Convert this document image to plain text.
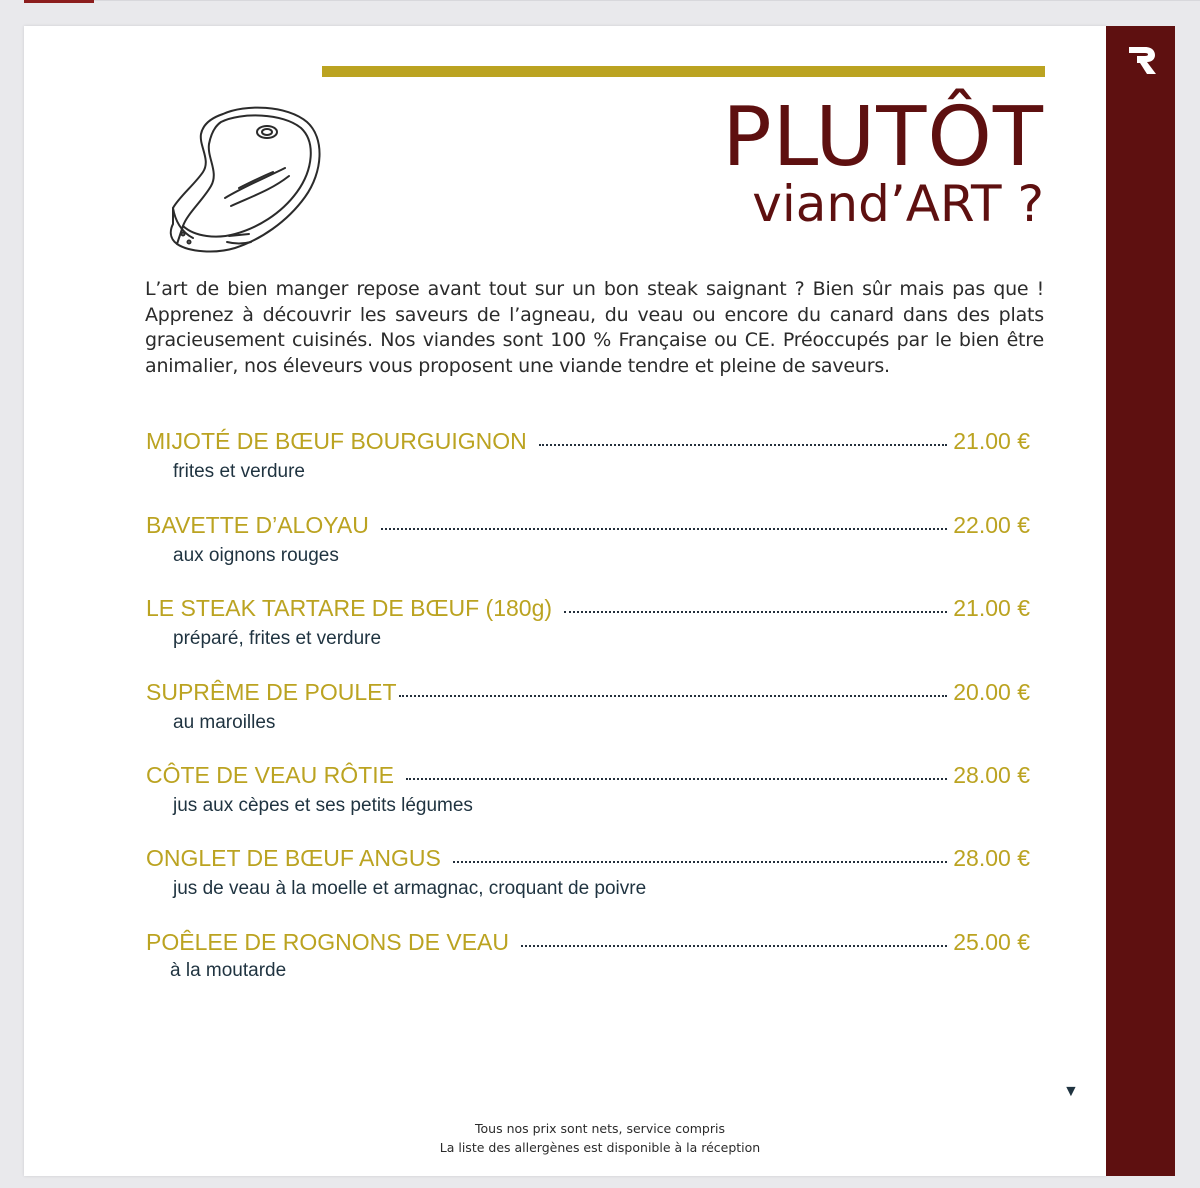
PLUTÔT
viand’ART ?

L’art de bien manger repose avant tout sur un bon steak saignant ? Bien sûr mais pas que ! Apprenez à découvrir les saveurs de l’agneau, du veau ou encore du canard dans des plats gracieusement cuisinés. Nos viandes sont 100 % Française ou CE. Préoccupés par le bien être animalier, nos éleveurs vous proposent une viande tendre et pleine de saveurs.

MIJOTÉ DE BŒUF BOURGUIGNON	21.00 €
frites et verdure
BAVETTE D’ALOYAU	22.00 €
aux oignons rouges
LE STEAK TARTARE DE BŒUF (180g)	21.00 €
préparé, frites et verdure
SUPRÊME DE POULET	20.00 €
au maroilles
CÔTE DE VEAU RÔTIE	28.00 €
jus aux cèpes et ses petits légumes
ONGLET DE BŒUF ANGUS	28.00 €
jus de veau à la moelle et armagnac, croquant de poivre
POÊLEE DE ROGNONS DE VEAU	25.00 €
à la moutarde
▼
Tous nos prix sont nets, service compris
La liste des allergènes est disponible à la réception
